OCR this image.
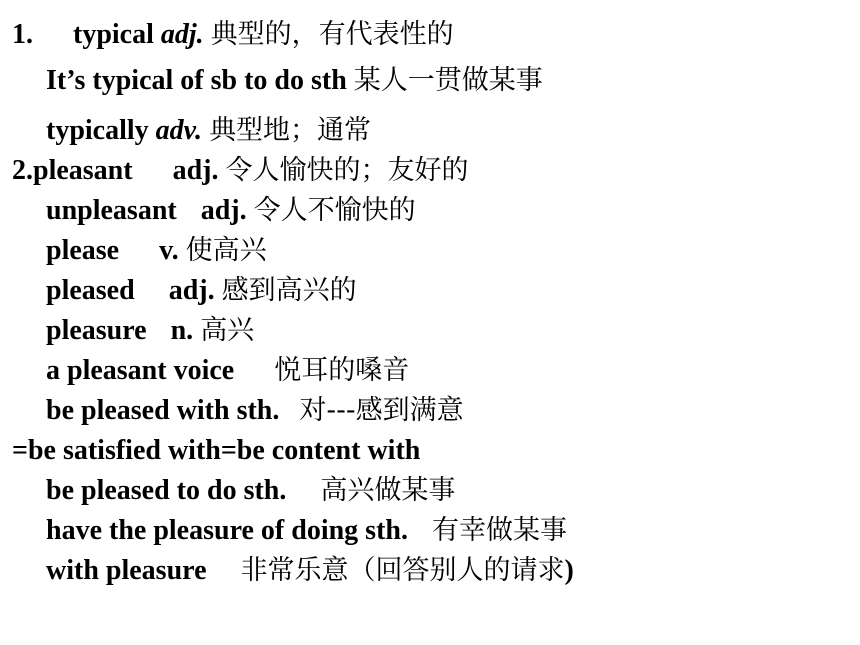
1. typical adj. 典型的，有代表性的
It’s typical of sb to do sth 某人一贯做某事
typically adv. 典型地；通常
2.pleasant adj. 令人愉快的；友好的
unpleasant adj. 令人不愉快的
please v. 使高兴
pleased adj. 感到高兴的
pleasure n. 高兴
a pleasant voice 悦耳的嗓音
be pleased with sth. 对---感到满意
=be satisfied with=be content with
be pleased to do sth. 高兴做某事
have the pleasure of doing sth. 有幸做某事
with pleasure 非常乐意（回答别人的请求)
